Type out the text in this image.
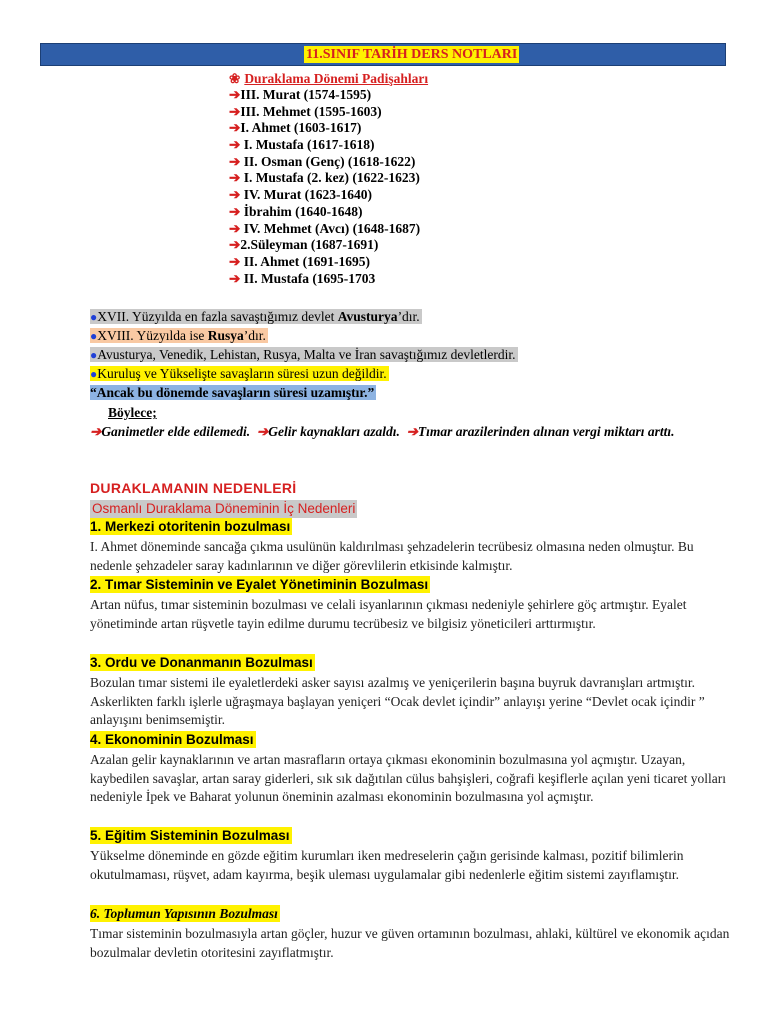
11.SINIF TARİH DERS NOTLARI
❀ Duraklama Dönemi Padişahları
➔III. Murat (1574-1595)
➔III. Mehmet (1595-1603)
➔I. Ahmet (1603-1617)
➔ I. Mustafa (1617-1618)
➔ II. Osman (Genç) (1618-1622)
➔ I. Mustafa (2. kez) (1622-1623)
➔ IV. Murat (1623-1640)
➔ İbrahim (1640-1648)
➔ IV. Mehmet (Avcı) (1648-1687)
➔2.Süleyman (1687-1691)
➔ II. Ahmet (1691-1695)
➔ II. Mustafa (1695-1703
●XVII. Yüzyılda en fazla savaştığımız devlet Avusturya’dır.
●XVIII. Yüzyılda ise Rusya’dır.
●Avusturya, Venedik, Lehistan, Rusya, Malta ve İran savaştığımız devletlerdir.
●Kuruluş ve Yükselişte savaşların süresi uzun değildir.
“Ancak bu dönemde savaşların süresi uzamıştır.”
Böylece;
➔Ganimetler elde edilemedi. ➔Gelir kaynakları azaldı. ➔Tımar arazilerinden alınan vergi miktarı arttı.
DURAKLAMANIN NEDENLERİ
Osmanlı Duraklama Döneminin İç Nedenleri
1. Merkezi otoritenin bozulması
I. Ahmet döneminde sancağa çıkma usulünün kaldırılması şehzadelerin tecrübesiz olmasına neden olmuştur. Bu nedenle şehzadeler saray kadınlarının ve diğer görevlilerin etkisinde kalmıştır.
2. Tımar Sisteminin ve Eyalet Yönetiminin Bozulması
Artan nüfus, tımar sisteminin bozulması ve celali isyanlarının çıkması nedeniyle şehirlere göç artmıştır. Eyalet yönetiminde artan rüşvetle tayin edilme durumu tecrübesiz ve bilgisiz yöneticileri arttırmıştır.
3. Ordu ve Donanmanın Bozulması
Bozulan tımar sistemi ile eyaletlerdeki asker sayısı azalmış ve yeniçerilerin başına buyruk davranışları artmıştır. Askerlikten farklı işlerle uğraşmaya başlayan yeniçeri “Ocak devlet içindir” anlayışı yerine “Devlet ocak içindir ” anlayışını benimsemiştir.
4. Ekonominin Bozulması
Azalan gelir kaynaklarının ve artan masrafların ortaya çıkması ekonominin bozulmasına yol açmıştır. Uzayan, kaybedilen savaşlar, artan saray giderleri, sık sık dağıtılan cülus bahşişleri, coğrafi keşiflerle açılan yeni ticaret yolları nedeniyle İpek ve Baharat yolunun öneminin azalması ekonominin bozulmasına yol açmıştır.
5. Eğitim Sisteminin Bozulması
Yükselme döneminde en gözde eğitim kurumları iken medreselerin çağın gerisinde kalması, pozitif bilimlerin okutulmaması, rüşvet, adam kayırma, beşik uleması uygulamalar gibi nedenlerle eğitim sistemi zayıflamıştır.
6. Toplumun Yapısının Bozulması
Tımar sisteminin bozulmasıyla artan göçler, huzur ve güven ortamının bozulması, ahlaki, kültürel ve ekonomik açıdan bozulmalar devletin otoritesini zayıflatmıştır.
